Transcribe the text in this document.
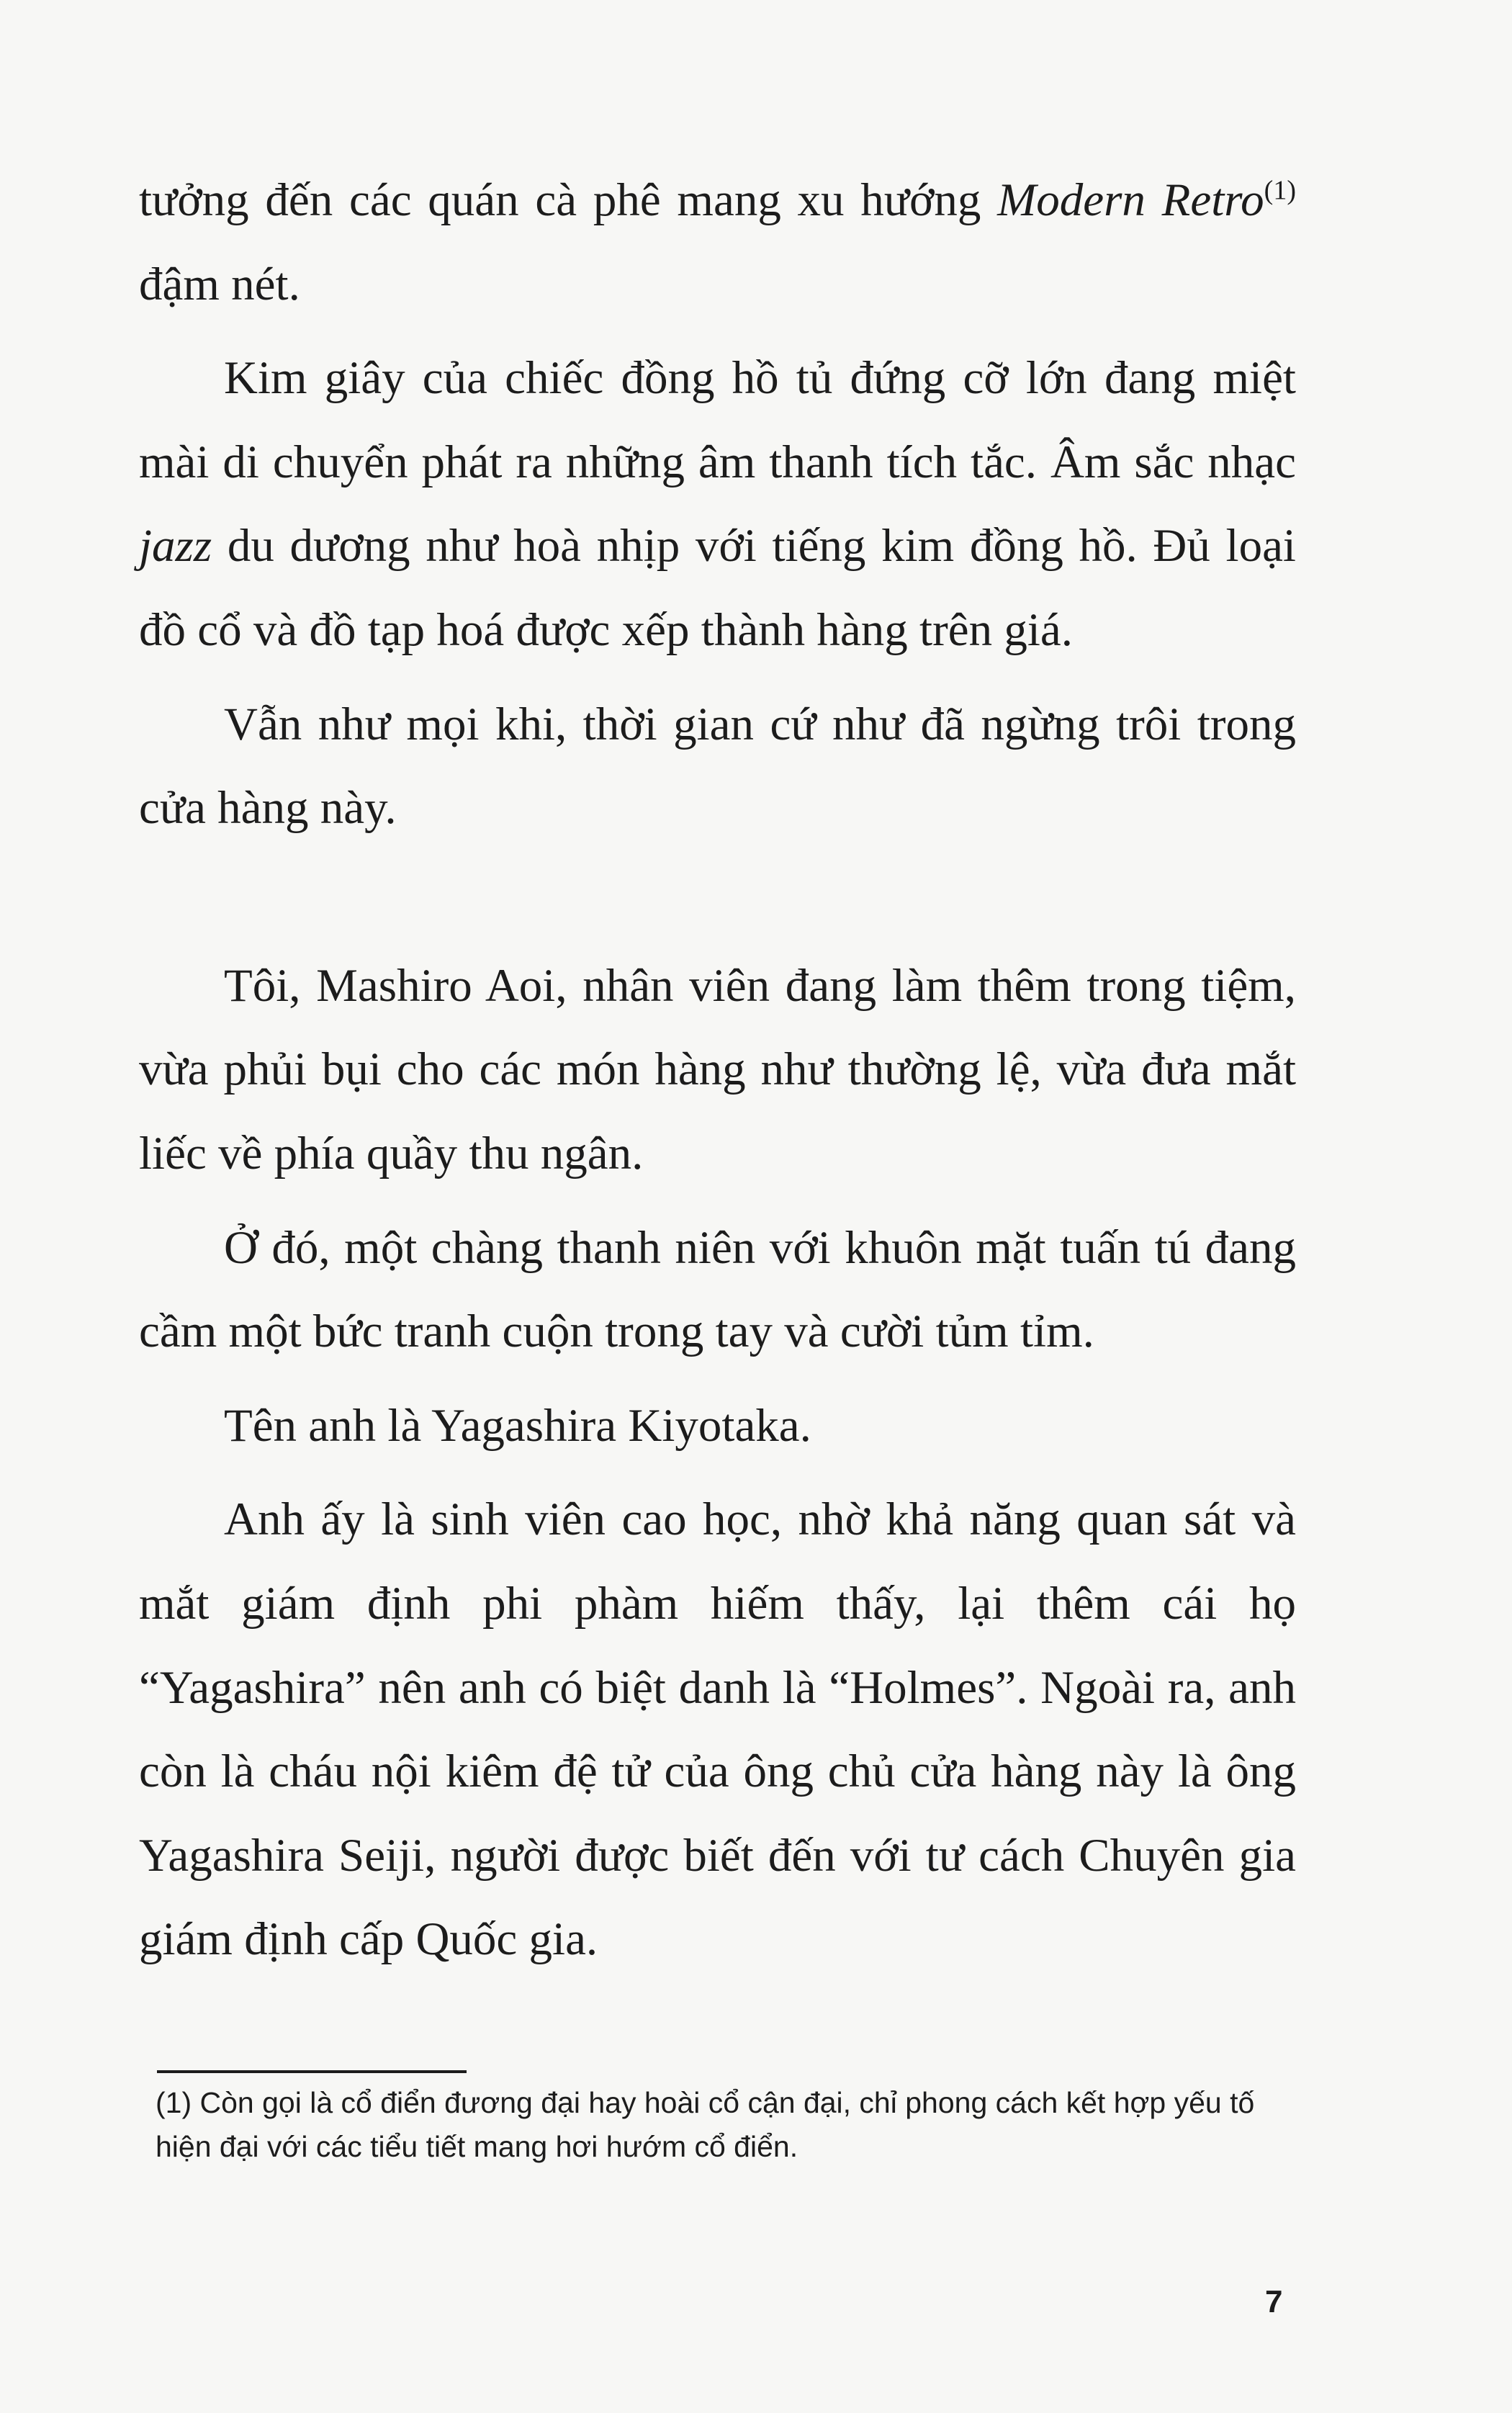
tưởng đến các quán cà phê mang xu hướng Modern Retro$^{(1)}$ đậm nét.

Kim giây của chiếc đồng hồ tủ đứng cỡ lớn đang miệt mài di chuyển phát ra những âm thanh tích tắc. Âm sắc nhạc jazz du dương như hoà nhịp với tiếng kim đồng hồ. Đủ loại đồ cổ và đồ tạp hoá được xếp thành hàng trên giá.

Vẫn như mọi khi, thời gian cứ như đã ngừng trôi trong cửa hàng này.

Tôi, Mashiro Aoi, nhân viên đang làm thêm trong tiệm, vừa phủi bụi cho các món hàng như thường lệ, vừa đưa mắt liếc về phía quầy thu ngân.

Ở đó, một chàng thanh niên với khuôn mặt tuấn tú đang cầm một bức tranh cuộn trong tay và cười tủm tỉm.

Tên anh là Yagashira Kiyotaka.

Anh ấy là sinh viên cao học, nhờ khả năng quan sát và mắt giám định phi phàm hiếm thấy, lại thêm cái họ “Yagashira” nên anh có biệt danh là “Holmes”. Ngoài ra, anh còn là cháu nội kiêm đệ tử của ông chủ cửa hàng này là ông Yagashira Seiji, người được biết đến với tư cách Chuyên gia giám định cấp Quốc gia.

(1) Còn gọi là cổ điển đương đại hay hoài cổ cận đại, chỉ phong cách kết hợp yếu tố hiện đại với các tiểu tiết mang hơi hướm cổ điển.

7
